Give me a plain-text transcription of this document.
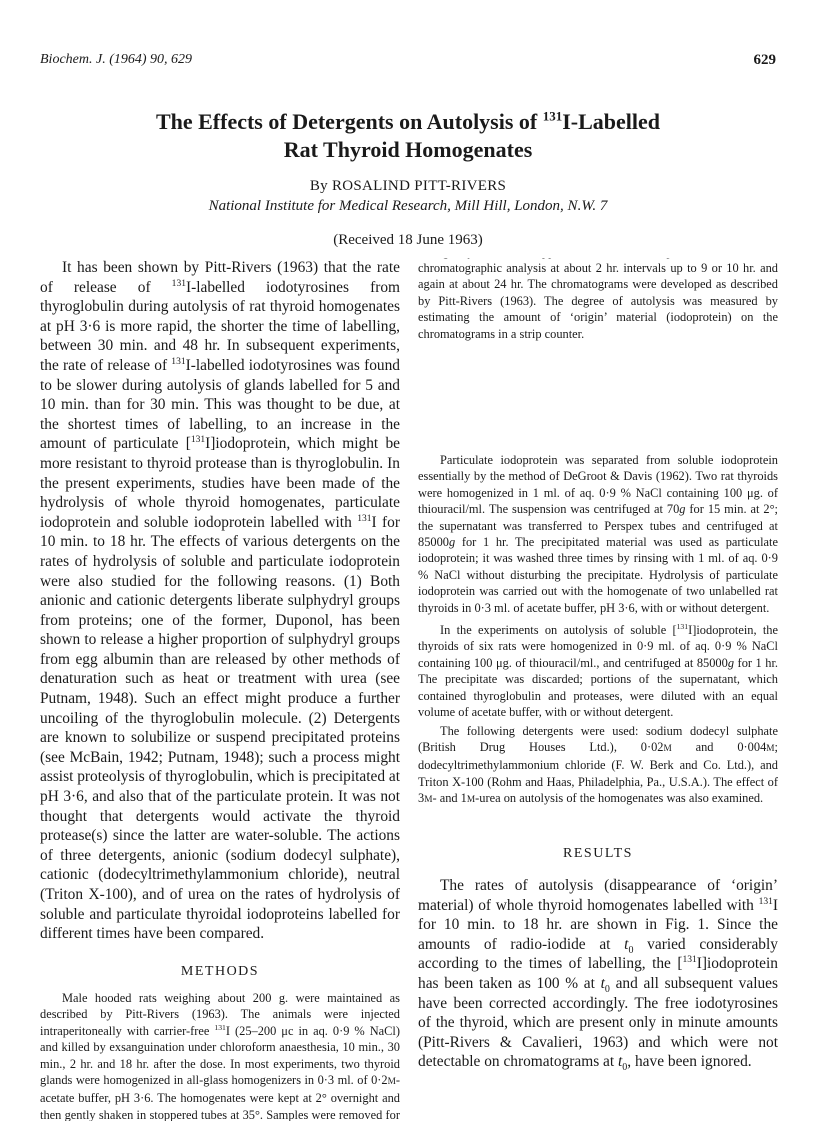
Biochem. J. (1964) 90, 629	629
The Effects of Detergents on Autolysis of $^{131}$I-Labelled
Rat Thyroid Homogenates
By ROSALIND PITT-RIVERS
National Institute for Medical Research, Mill Hill, London, N.W. 7
(Received 18 June 1963)

It has been shown by Pitt-Rivers (1963) that the rate of release of $^{131}$I-labelled iodotyrosines from thyroglobulin during autolysis of rat thyroid homogenates at pH 3·6 is more rapid, the shorter the time of labelling, between 30 min. and 48 hr. In subsequent experiments, the rate of release of $^{131}$I-labelled iodotyrosines was found to be slower during autolysis of glands labelled for 5 and 10 min. than for 30 min. This was thought to be due, at the shortest times of labelling, to an increase in the amount of particulate [$^{131}$I]iodoprotein, which might be more resistant to thyroid protease than is thyroglobulin. In the present experiments, studies have been made of the hydrolysis of whole thyroid homogenates, particulate iodoprotein and soluble iodoprotein labelled with $^{131}$I for 10 min. to 18 hr. The effects of various detergents on the rates of hydrolysis of soluble and particulate iodoprotein were also studied for the following reasons. (1) Both anionic and cationic detergents liberate sulphydryl groups from proteins; one of the former, Duponol, has been shown to release a higher proportion of sulphydryl groups from egg albumin than are released by other methods of denaturation such as heat or treatment with urea (see Putnam, 1948). Such an effect might produce a further uncoiling of the thyroglobulin molecule. (2) Detergents are known to solubilize or suspend precipitated proteins (see McBain, 1942; Putnam, 1948); such a process might assist proteolysis of thyroglobulin, which is precipitated at pH 3·6, and also that of the particulate protein. It was not thought that detergents would activate the thyroid protease(s) since the latter are water-soluble. The actions of three detergents, anionic (sodium dodecyl sulphate), cationic (dodecyltrimethylammonium chloride), neutral (Triton X-100), and of urea on the rates of hydrolysis of soluble and particulate thyroidal iodoproteins labelled for different times have been compared.

METHODS

Male hooded rats weighing about 200 g. were maintained as described by Pitt-Rivers (1963). The animals were injected intraperitoneally with carrier-free $^{131}$I (25–200 μc in aq. 0·9 % NaCl) and killed by exsanguination under chloroform anaesthesia, 10 min., 30 min., 2 hr. and 18 hr. after the dose. In most experiments, two thyroid glands were homogenized in all-glass homogenizers in 0·3 ml. of 0·2M-acetate buffer, pH 3·6. The homogenates were kept at 2° overnight and then gently shaken in stoppered tubes at 35°. Samples were removed for

chromatographic analysis at about 2 hr. intervals up to 9 or 10 hr. and again at about 24 hr. The chromatograms were developed as described by Pitt-Rivers (1963). The degree of autolysis was measured by estimating the amount of ‘origin’ material (iodoprotein) on the chromatograms in a strip counter.

Particulate iodoprotein was separated from soluble iodoprotein essentially by the method of DeGroot & Davis (1962). Two rat thyroids were homogenized in 1 ml. of aq. 0·9 % NaCl containing 100 μg. of thiouracil/ml. The suspension was centrifuged at 70g for 15 min. at 2°; the supernatant was transferred to Perspex tubes and centrifuged at 85000g for 1 hr. The precipitated material was used as particulate iodoprotein; it was washed three times by rinsing with 1 ml. of aq. 0·9 % NaCl without disturbing the precipitate. Hydrolysis of particulate iodoprotein was carried out with the homogenate of two unlabelled rat thyroids in 0·3 ml. of acetate buffer, pH 3·6, with or without detergent.

In the experiments on autolysis of soluble [$^{131}$I]iodoprotein, the thyroids of six rats were homogenized in 0·9 ml. of aq. 0·9 % NaCl containing 100 μg. of thiouracil/ml., and centrifuged at 85000g for 1 hr. The precipitate was discarded; portions of the supernatant, which contained thyroglobulin and proteases, were diluted with an equal volume of acetate buffer, with or without detergent.

The following detergents were used: sodium dodecyl sulphate (British Drug Houses Ltd.), 0·02M and 0·004M; dodecyltrimethylammonium chloride (F. W. Berk and Co. Ltd.), and Triton X-100 (Rohm and Haas, Philadelphia, Pa., U.S.A.). The effect of 3M- and 1M-urea on autolysis of the homogenates was also examined.

RESULTS

The rates of autolysis (disappearance of ‘origin’ material) of whole thyroid homogenates labelled with $^{131}$I for 10 min. to 18 hr. are shown in Fig. 1. Since the amounts of radio-iodide at $t_0$ varied considerably according to the times of labelling, the [$^{131}$I]iodoprotein has been taken as 100 % at $t_0$ and all subsequent values have been corrected accordingly. The free iodotyrosines of the thyroid, which are present only in minute amounts (Pitt-Rivers & Cavalieri, 1963) and which were not detectable on chromatograms at $t_0$, have been ignored.
